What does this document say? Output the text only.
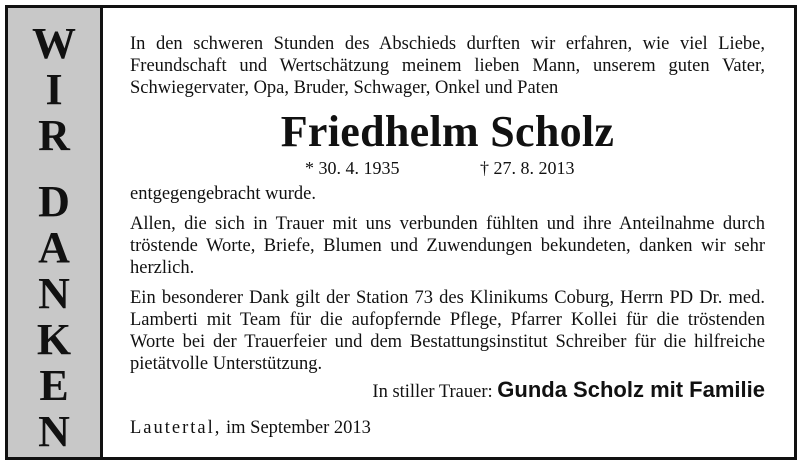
W
I
R
D
A
N
K
E
N

In den schweren Stunden des Abschieds durften wir erfahren, wie viel Liebe, Freundschaft und Wertschätzung meinem lieben Mann, unserem guten Vater, Schwiegervater, Opa, Bruder, Schwager, Onkel und Paten

Friedhelm Scholz
* 30. 4. 1935	† 27. 8. 2013

entgegengebracht wurde.

Allen, die sich in Trauer mit uns verbunden fühlten und ihre Anteilnahme durch tröstende Worte, Briefe, Blumen und Zuwendungen bekundeten, danken wir sehr herzlich.

Ein besonderer Dank gilt der Station 73 des Klinikums Coburg, Herrn PD Dr. med. Lamberti mit Team für die aufopfernde Pflege, Pfarrer Kollei für die tröstenden Worte bei der Trauerfeier und dem Bestattungsinstitut Schreiber für die hilfreiche pietätvolle Unterstützung.

In stiller Trauer: Gunda Scholz mit Familie
Lautertal, im September 2013
